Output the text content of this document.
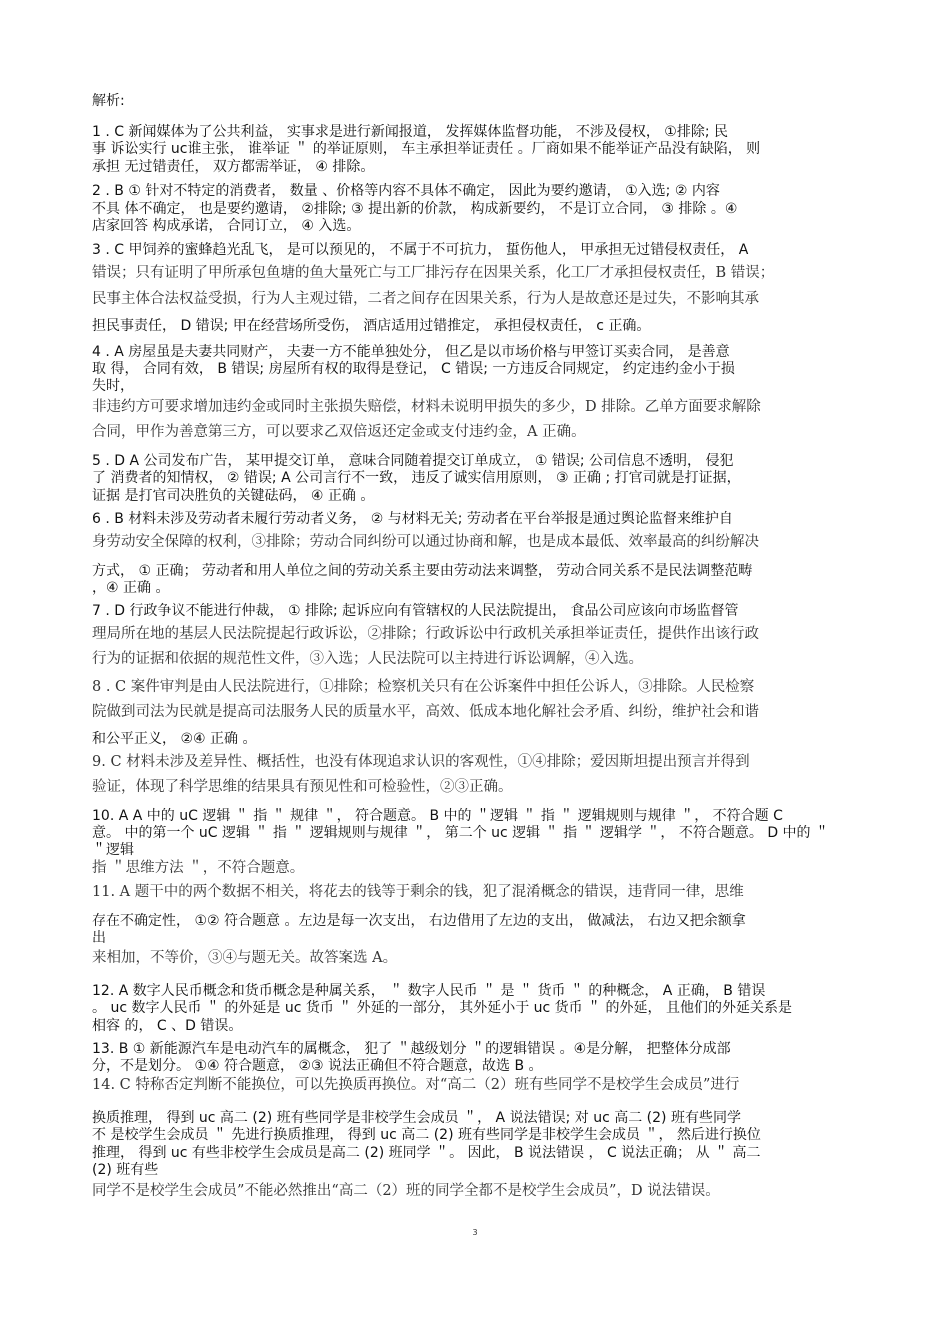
解析:
1 . C 新闻媒体为了公共利益， 实事求是进行新闻报道， 发挥媒体监督功能， 不涉及侵权， ①排除; 民
事 诉讼实行 uc谁主张， 谁举证 ＂ 的举证原则， 车主承担举证责任 。厂商如果不能举证产品没有缺陷， 则
承担 无过错责任， 双方都需举证， ④ 排除。
2 . B ① 针对不特定的消费者， 数量 、价格等内容不具体不确定， 因此为要约邀请， ①入选; ② 内容
不具 体不确定， 也是要约邀请， ②排除; ③ 提出新的价款， 构成新要约， 不是订立合同， ③ 排除 。④
店家回答 构成承诺， 合同订立， ④ 入选。
3 . C 甲饲养的蜜蜂趋光乱飞， 是可以预见的， 不属于不可抗力， 蜇伤他人， 甲承担无过错侵权责任， A
错误；只有证明了甲所承包鱼塘的鱼大量死亡与工厂排污存在因果关系，化工厂才承担侵权责任，B 错误；
民事主体合法权益受损，行为人主观过错，二者之间存在因果关系，行为人是故意还是过失，不影响其承
担民事责任， D 错误; 甲在经营场所受伤， 酒店适用过错推定， 承担侵权责任， c 正确。
4 . A 房屋虽是夫妻共同财产， 夫妻一方不能单独处分， 但乙是以市场价格与甲签订买卖合同， 是善意
取 得， 合同有效， B 错误; 房屋所有权的取得是登记， C 错误; 一方违反合同规定， 约定违约金小于损
失时，
非违约方可要求增加违约金或同时主张损失赔偿，材料未说明甲损失的多少，D 排除。乙单方面要求解除
合同，甲作为善意第三方，可以要求乙双倍返还定金或支付违约金，A 正确。
5 . D A 公司发布广告， 某甲提交订单， 意味合同随着提交订单成立， ① 错误; 公司信息不透明， 侵犯
了 消费者的知情权， ② 错误; A 公司言行不一致， 违反了诚实信用原则， ③ 正确 ; 打官司就是打证据，
证据 是打官司决胜负的关键砝码， ④ 正确 。
6 . B 材料未涉及劳动者未履行劳动者义务， ② 与材料无关; 劳动者在平台举报是通过舆论监督来维护自
身劳动安全保障的权利，③排除；劳动合同纠纷可以通过协商和解，也是成本最低、效率最高的纠纷解决
方式， ① 正确； 劳动者和用人单位之间的劳动关系主要由劳动法来调整， 劳动合同关系不是民法调整范畴
，④ 正确 。
7 . D 行政争议不能进行仲裁， ① 排除; 起诉应向有管辖权的人民法院提出， 食品公司应该向市场监督管
理局所在地的基层人民法院提起行政诉讼，②排除；行政诉讼中行政机关承担举证责任，提供作出该行政
行为的证据和依据的规范性文件，③入选；人民法院可以主持进行诉讼调解，④入选。
8 . C 案件审判是由人民法院进行，①排除；检察机关只有在公诉案件中担任公诉人，③排除。人民检察
院做到司法为民就是提高司法服务人民的质量水平，高效、低成本地化解社会矛盾、纠纷，维护社会和谐
和公平正义， ②④ 正确 。
9. C 材料未涉及差异性、概括性，也没有体现追求认识的客观性，①④排除；爱因斯坦提出预言并得到
验证，体现了科学思维的结果具有预见性和可检验性，②③正确。
10. A A 中的 uC 逻辑 ＂ 指 ＂ 规律 ＂， 符合题意。 B 中的 ＂逻辑 ＂ 指 ＂ 逻辑规则与规律 ＂， 不符合题 C
意。 中的第一个 uC 逻辑 ＂ 指 ＂ 逻辑规则与规律 ＂， 第二个 uc 逻辑 ＂ 指 ＂ 逻辑学 ＂， 不符合题意。 D 中的 ＂
＂逻辑
指 ＂思维方法 ＂，不符合题意。
11. A 题干中的两个数据不相关，将花去的钱等于剩余的钱，犯了混淆概念的错误，违背同一律，思维
存在不确定性， ①② 符合题意 。左边是每一次支出， 右边借用了左边的支出， 做减法， 右边又把余额拿
出
来相加，不等价，③④与题无关。故答案选 A。
12. A 数字人民币概念和货币概念是种属关系， ＂ 数字人民币 ＂ 是 ＂ 货币 ＂ 的种概念， A 正确， B 错误
。 uc 数字人民币 ＂ 的外延是 uc 货币 ＂ 外延的一部分， 其外延小于 uc 货币 ＂ 的外延， 且他们的外延关系是
相容 的， C 、D 错误。
13. B ① 新能源汽车是电动汽车的属概念， 犯了 ＂越级划分 ＂的逻辑错误 。④是分解， 把整体分成部
分，不是划分。 ①④ 符合题意， ②③ 说法正确但不符合题意，故选 B 。
14. C 特称否定判断不能换位，可以先换质再换位。对“高二（2）班有些同学不是校学生会成员”进行
换质推理， 得到 uc 高二 (2) 班有些同学是非校学生会成员 ＂， A 说法错误; 对 uc 高二 (2) 班有些同学
不 是校学生会成员 ＂ 先进行换质推理， 得到 uc 高二 (2) 班有些同学是非校学生会成员 ＂， 然后进行换位
推理， 得到 uc 有些非校学生会成员是高二 (2) 班同学 ＂。 因此， B 说法错误 ， C 说法正确； 从 ＂ 高二
(2) 班有些
同学不是校学生会成员”不能必然推出“高二（2）班的同学全都不是校学生会成员”，D 说法错误。
3
